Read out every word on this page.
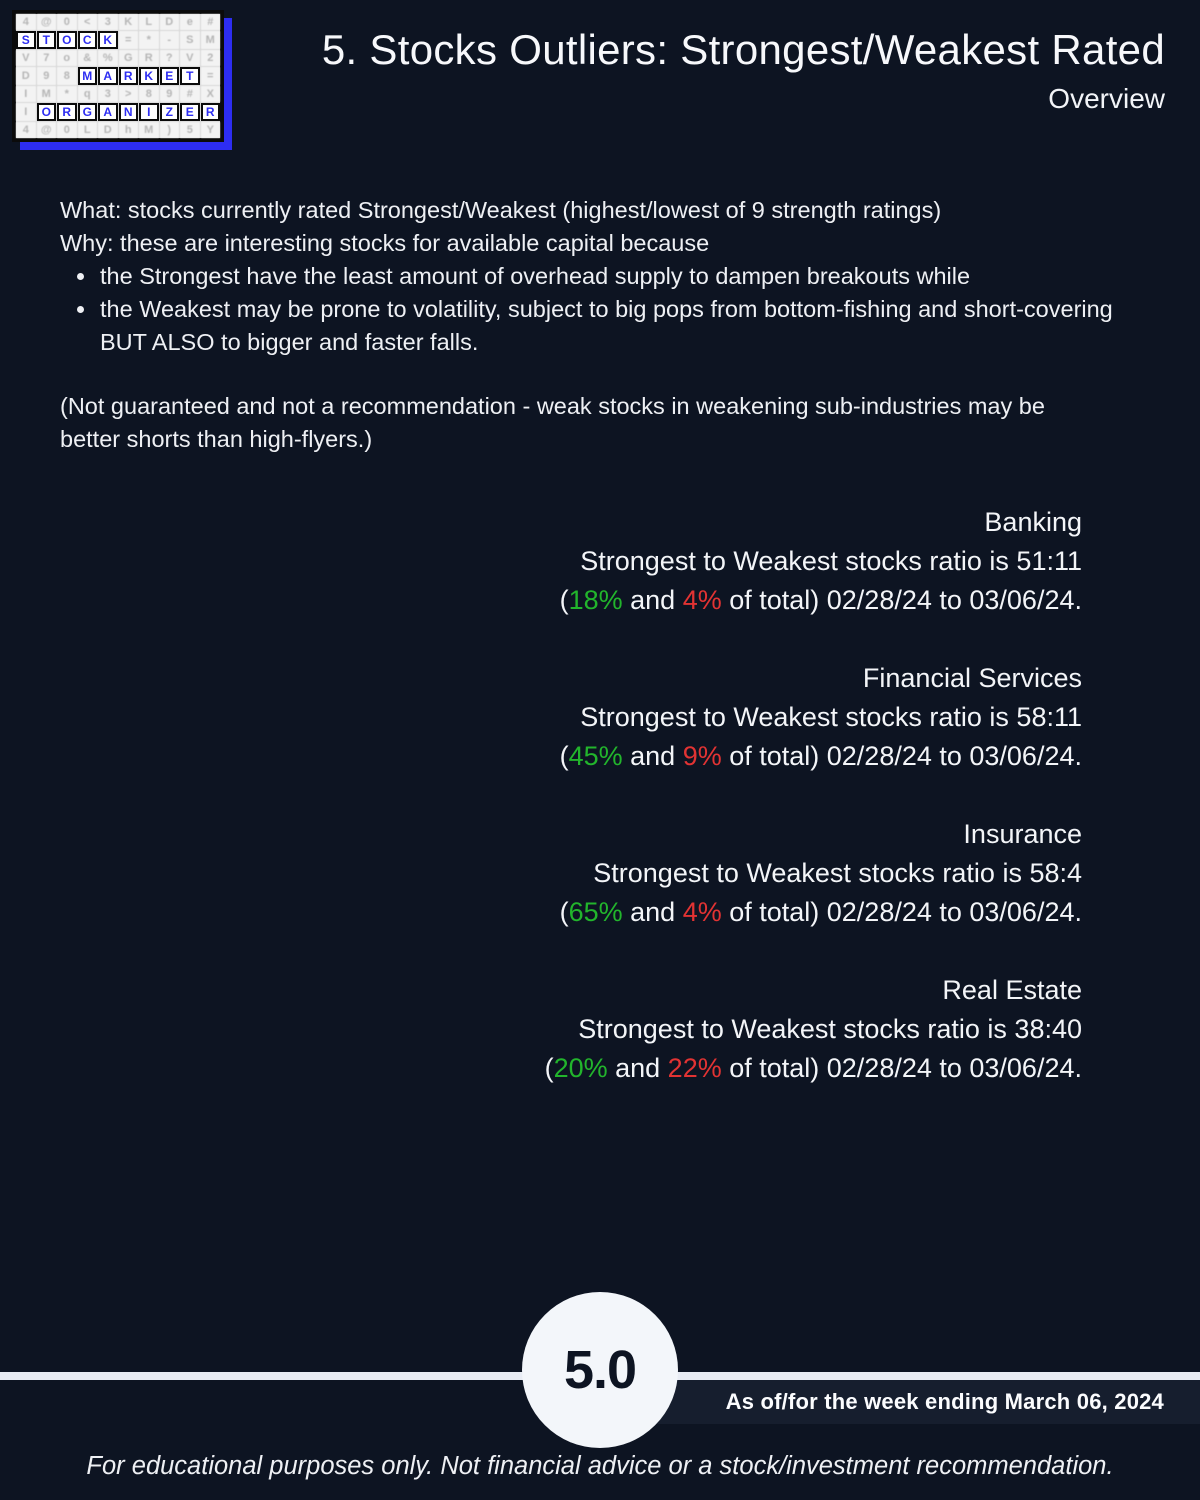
4	@	0	<	3	K	L	D	e	#
S	T	O C K	=	*	-	S	M
V	7	o	&	%	G	R	?	V	2
D	9	8	M A R K	E	T	=
I	M	*	q	3	>	8	9	#	X
I	O R G A N	I	Z	E	R
4	@	0	L	D	h	M	)	5	Y
5. Stocks Outliers: Strongest/Weakest Rated
Overview

What: stocks currently rated Strongest/Weakest (highest/lowest of 9 strength ratings)

Why: these are interesting stocks for available capital because

• the Strongest have the least amount of overhead supply to dampen breakouts while
• the Weakest may be prone to volatility, subject to big pops from bottom-fishing and short-covering BUT ALSO to bigger and faster falls.

(Not guaranteed and not a recommendation - weak stocks in weakening sub-industries may be better shorts than high-flyers.)

Banking
Strongest to Weakest stocks ratio is 51:11
(18% and 4% of total) 02/28/24 to 03/06/24.
Financial Services
Strongest to Weakest stocks ratio is 58:11
(45% and 9% of total) 02/28/24 to 03/06/24.
Insurance
Strongest to Weakest stocks ratio is 58:4
(65% and 4% of total) 02/28/24 to 03/06/24.
Real Estate
Strongest to Weakest stocks ratio is 38:40
(20% and 22% of total) 02/28/24 to 03/06/24.
As of/for the week ending March 06, 2024
5.0
For educational purposes only. Not financial advice or a stock/investment recommendation.
